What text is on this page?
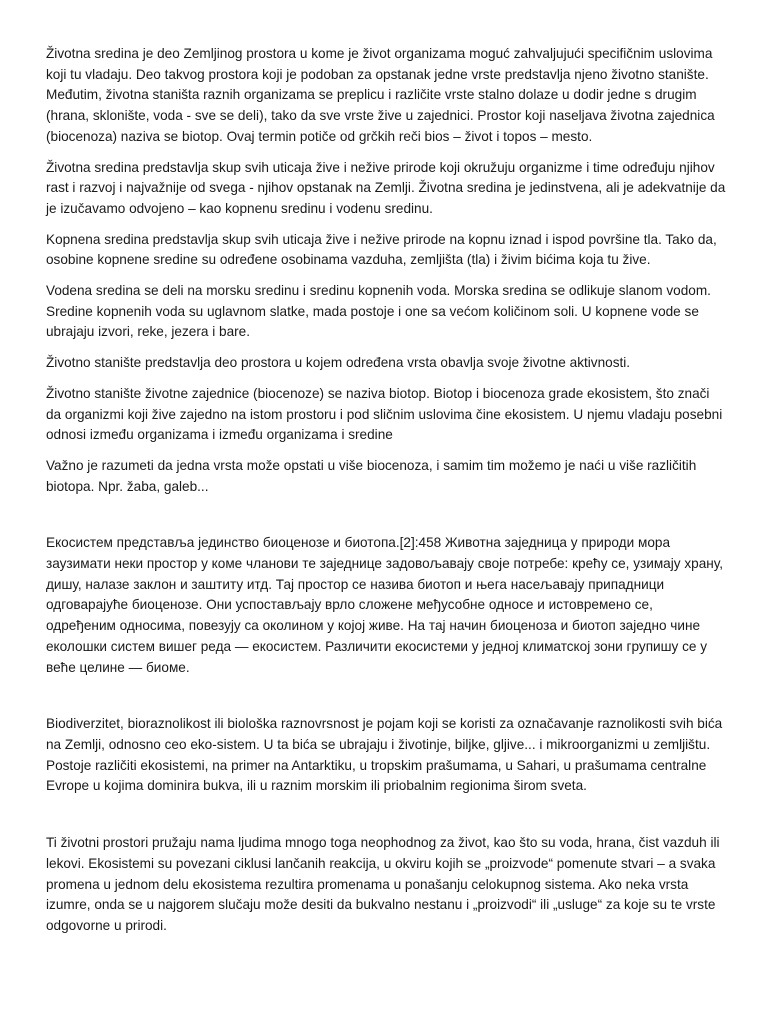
Životna sredina je deo Zemljinog prostora u kome je život organizama moguć zahvaljujući specifičnim uslovima koji tu vladaju. Deo takvog prostora koji je podoban za opstanak jedne vrste predstavlja njeno životno stanište. Međutim, životna staništa raznih organizama se preplicu i različite vrste stalno dolaze u dodir jedne s drugim (hrana, sklonište, voda - sve se deli), tako da sve vrste žive u zajednici. Prostor koji naseljava životna zajednica (biocenoza) naziva se biotop. Ovaj termin potiče od grčkih reči bios – život i topos – mesto.

Životna sredina predstavlja skup svih uticaja žive i nežive prirode koji okružuju organizme i time određuju njihov rast i razvoj i najvažnije od svega - njihov opstanak na Zemlji. Životna sredina je jedinstvena, ali je adekvatnije da je izučavamo odvojeno – kao kopnenu sredinu i vodenu sredinu.

Kopnena sredina predstavlja skup svih uticaja žive i nežive prirode na kopnu iznad i ispod površine tla. Tako da, osobine kopnene sredine su određene osobinama vazduha, zemljišta (tla) i živim bićima koja tu žive.

Vodena sredina se deli na morsku sredinu i sredinu kopnenih voda. Morska sredina se odlikuje slanom vodom. Sredine kopnenih voda su uglavnom slatke, mada postoje i one sa većom količinom soli. U kopnene vode se ubrajaju izvori, reke, jezera i bare.

Životno stanište predstavlja deo prostora u kojem određena vrsta obavlja svoje životne aktivnosti.

Životno stanište životne zajednice (biocenoze) se naziva biotop. Biotop i biocenoza grade ekosistem, što znači da organizmi koji žive zajedno na istom prostoru i pod sličnim uslovima čine ekosistem. U njemu vladaju posebni odnosi između organizama i između organizama i sredine

Važno je razumeti da jedna vrsta može opstati u više biocenoza, i samim tim možemo je naći u više različitih biotopa. Npr. žaba, galeb...

Екосистем представља јединство биоценозе и биотопа.[2]:458 Животна заједница у природи мора заузимати неки простор у коме чланови те заједнице задовољавају своје потребе: крећу се, узимају храну, дишу, налазе заклон и заштиту итд. Тај простор се назива биотоп и њега насељавају припадници одговарајуће биоценозе. Они успостављају врло сложене међусобне односе и истовремено се, одређеним односима, повезују са околином у којој живе. На тај начин биоценоза и биотоп заједно чине еколошки систем вишег реда — екосистем. Различити екосистеми у једној климатској зони групишу се у веће целине — биоме.

Biodiverzitet, bioraznolikost ili biološka raznovrsnost je pojam koji se koristi za označavanje raznolikosti svih bića na Zemlji, odnosno ceo eko-sistem. U ta bića se ubrajaju i životinje, biljke, gljive... i mikroorganizmi u zemljištu. Postoje različiti ekosistemi, na primer na Antarktiku, u tropskim prašumama, u Sahari, u prašumama centralne Evrope u kojima dominira bukva, ili u raznim morskim ili priobalnim regionima širom sveta.

Ti životni prostori pružaju nama ljudima mnogo toga neophodnog za život, kao što su voda, hrana, čist vazduh ili lekovi. Ekosistemi su povezani ciklusi lančanih reakcija, u okviru kojih se „proizvode“ pomenute stvari – a svaka promena u jednom delu ekosistema rezultira promenama u ponašanju celokupnog sistema. Ako neka vrsta izumre, onda se u najgorem slučaju može desiti da bukvalno nestanu i „proizvodi“ ili „usluge“ za koje su te vrste odgovorne u prirodi.
